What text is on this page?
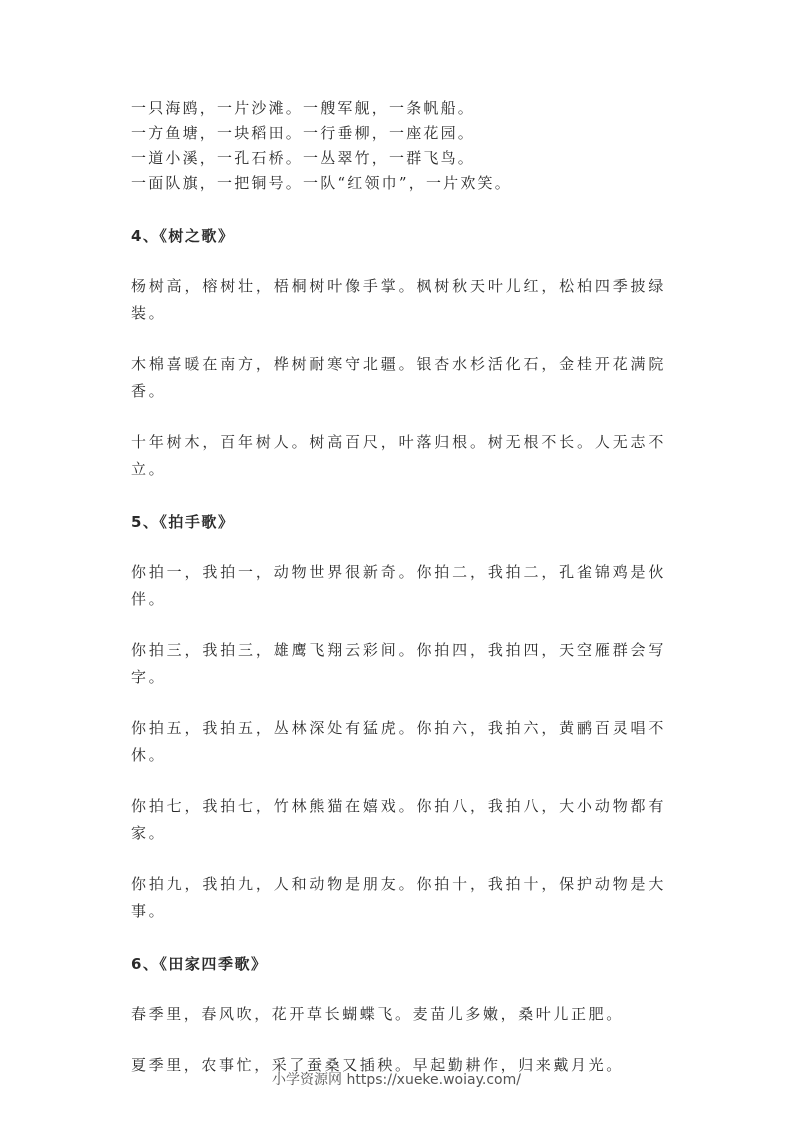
一只海鸥，一片沙滩。一艘军舰，一条帆船。

一方鱼塘，一块稻田。一行垂柳，一座花园。

一道小溪，一孔石桥。一丛翠竹，一群飞鸟。

一面队旗，一把铜号。一队“红领巾”，一片欢笑。

4、《树之歌》

杨树高，榕树壮，梧桐树叶像手掌。枫树秋天叶儿红，松柏四季披绿装。

木棉喜暖在南方，桦树耐寒守北疆。银杏水杉活化石，金桂开花满院香。

十年树木，百年树人。树高百尺，叶落归根。树无根不长。人无志不立。

5、《拍手歌》

你拍一，我拍一，动物世界很新奇。你拍二，我拍二，孔雀锦鸡是伙伴。

你拍三，我拍三，雄鹰飞翔云彩间。你拍四，我拍四，天空雁群会写字。

你拍五，我拍五，丛林深处有猛虎。你拍六，我拍六，黄鹂百灵唱不休。

你拍七，我拍七，竹林熊猫在嬉戏。你拍八，我拍八，大小动物都有家。

你拍九，我拍九，人和动物是朋友。你拍十，我拍十，保护动物是大事。

6、《田家四季歌》

春季里，春风吹，花开草长蝴蝶飞。麦苗儿多嫩，桑叶儿正肥。

夏季里，农事忙，采了蚕桑又插秧。早起勤耕作，归来戴月光。

小学资源网 https://xueke.woiay.com/
